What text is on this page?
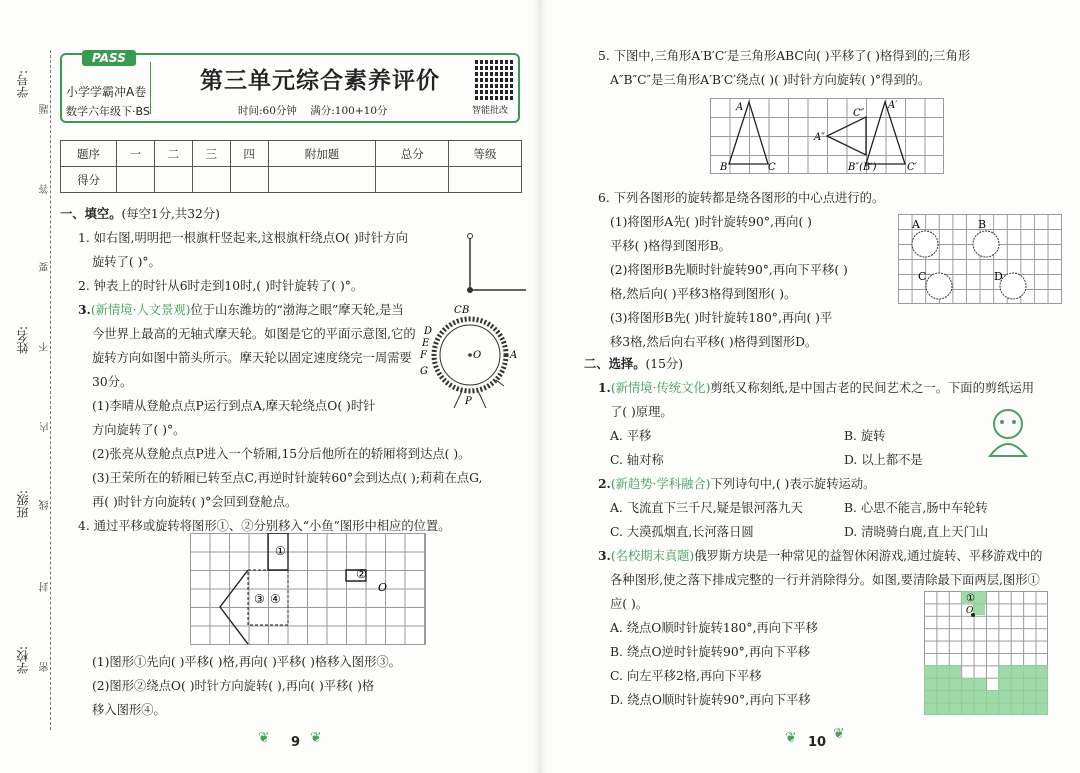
学号:
姓名:
班级:
学校:
题
答
要
不
内
线
封
密
PASS
小学学霸冲A卷
数学六年级下·BS
第三单元综合素养评价
时间:60分钟 满分:100+10分	智能批改
题序	一	二	三	四	附加题	总分	等级
得分							
一、填空。(每空1分,共32分)
1. 如右图,明明把一根旗杆竖起来,这根旗杆绕点O( )时针方向
旋转了( )°。
2. 钟表上的时针从6时走到10时,( )时针旋转了( )°。
3.(新情境·人文景观)位于山东潍坊的“渤海之眼”摩天轮,是当
今世界上最高的无轴式摩天轮。如图是它的平面示意图,它的
旋转方向如图中箭头所示。摩天轮以固定速度绕完一周需要
30分。
(1)李晴从登舱点点P运行到点A,摩天轮绕点O( )时针
方向旋转了( )°。
(2)张亮从登舱点点P进入一个轿厢,15分后他所在的轿厢将到达点( )。
(3)王荣所在的轿厢已转至点C,再逆时针旋转60°会到达点( );莉莉在点G,
再( )时针方向旋转( )°会回到登舱点。
4. 通过平移或旋转将图形①、②分别移入“小鱼”图形中相应的位置。
C B
D
E
F
G
A
O
P
①
②
③ ④
O
(1)图形①先向( )平移( )格,再向( )平移( )格移入图形③。
(2)图形②绕点O( )时针方向旋转( ),再向( )平移( )格
移入图形④。
❦ 9 ❦
5. 下图中,三角形A′B′C′是三角形ABC向( )平移了( )格得到的;三角形
A″B″C″是三角形A′B′C′绕点( )( )时针方向旋转( )°得到的。
A
B	C
A′
A″
C″
B″(B′)	C′
6. 下列各图形的旋转都是绕各图形的中心点进行的。
(1)将图形A先( )时针旋转90°,再向( )
平移( )格得到图形B。
(2)将图形B先顺时针旋转90°,再向下平移( )
格,然后向( )平移3格得到图形( )。
(3)将图形B先( )时针旋转180°,再向( )平
移3格,然后向右平移( )格得到图形D。
A	B
C	D
二、选择。(15分)
1.(新情境·传统文化)剪纸又称刻纸,是中国古老的民间艺术之一。下面的剪纸运用
了( )原理。
A. 平移	B. 旋转
C. 轴对称	D. 以上都不是
2.(新趋势·学科融合)下列诗句中,( )表示旋转运动。
A. 飞流直下三千尺,疑是银河落九天	B. 心思不能言,肠中车轮转
C. 大漠孤烟直,长河落日圆	D. 清晓骑白鹿,直上天门山
3.(名校期末真题)俄罗斯方块是一种常见的益智休闲游戏,通过旋转、平移游戏中的
各种图形,使之落下排成完整的一行并消除得分。如图,要清除最下面两层,图形①
应( )。
A. 绕点O顺时针旋转180°,再向下平移
B. 绕点O逆时针旋转90°,再向下平移
C. 向左平移2格,再向下平移
D. 绕点O顺时针旋转90°,再向下平移
①
O
❦ 10
❦
